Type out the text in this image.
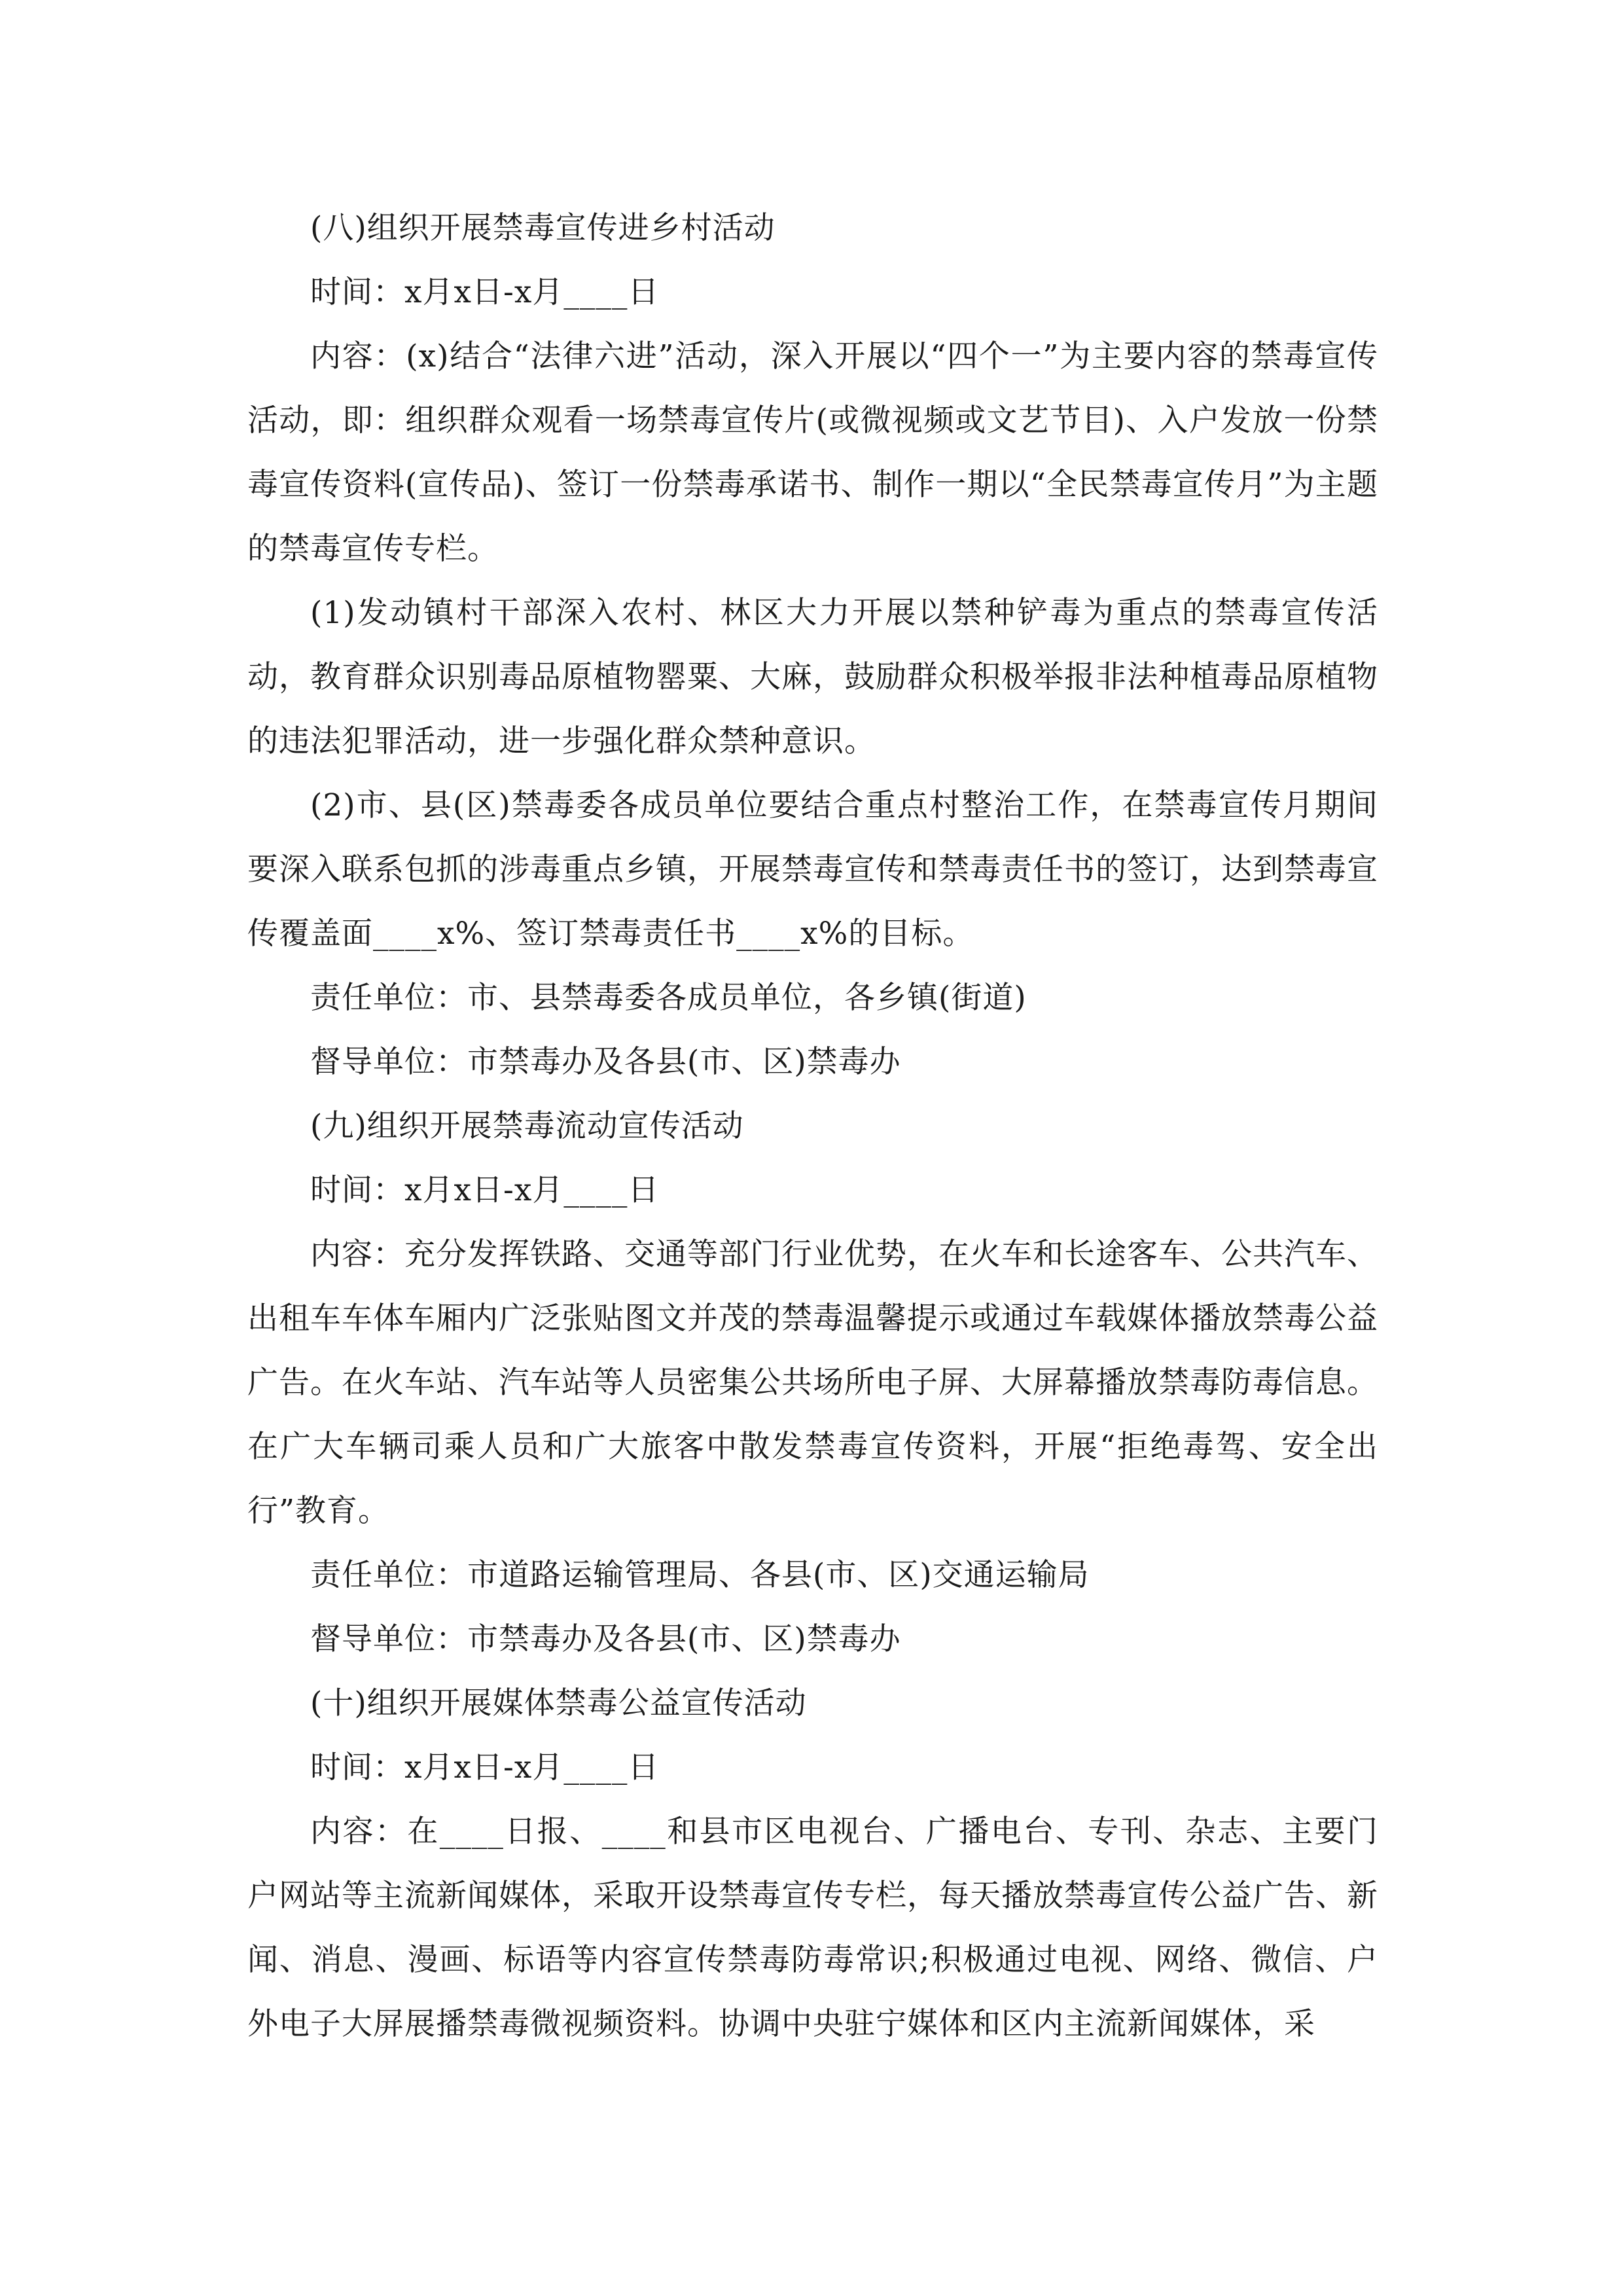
(八)组织开展禁毒宣传进乡村活动

时间：x月x日-x月____日

内容：(x)结合“法律六进”活动，深入开展以“四个一”为主要内容的禁毒宣传活动，即：组织群众观看一场禁毒宣传片(或微视频或文艺节目)、入户发放一份禁毒宣传资料(宣传品)、签订一份禁毒承诺书、制作一期以“全民禁毒宣传月”为主题的禁毒宣传专栏。

(1)发动镇村干部深入农村、林区大力开展以禁种铲毒为重点的禁毒宣传活动，教育群众识别毒品原植物罂粟、大麻，鼓励群众积极举报非法种植毒品原植物的违法犯罪活动，进一步强化群众禁种意识。

(2)市、县(区)禁毒委各成员单位要结合重点村整治工作，在禁毒宣传月期间要深入联系包抓的涉毒重点乡镇，开展禁毒宣传和禁毒责任书的签订，达到禁毒宣传覆盖面____x%、签订禁毒责任书____x%的目标。

责任单位：市、县禁毒委各成员单位，各乡镇(街道)

督导单位：市禁毒办及各县(市、区)禁毒办

(九)组织开展禁毒流动宣传活动

时间：x月x日-x月____日

内容：充分发挥铁路、交通等部门行业优势，在火车和长途客车、公共汽车、出租车车体车厢内广泛张贴图文并茂的禁毒温馨提示或通过车载媒体播放禁毒公益广告。在火车站、汽车站等人员密集公共场所电子屏、大屏幕播放禁毒防毒信息。在广大车辆司乘人员和广大旅客中散发禁毒宣传资料，开展“拒绝毒驾、安全出行”教育。

责任单位：市道路运输管理局、各县(市、区)交通运输局

督导单位：市禁毒办及各县(市、区)禁毒办

(十)组织开展媒体禁毒公益宣传活动

时间：x月x日-x月____日

内容：在____日报、____和县市区电视台、广播电台、专刊、杂志、主要门户网站等主流新闻媒体，采取开设禁毒宣传专栏，每天播放禁毒宣传公益广告、新闻、消息、漫画、标语等内容宣传禁毒防毒常识;积极通过电视、网络、微信、户外电子大屏展播禁毒微视频资料。协调中央驻宁媒体和区内主流新闻媒体，采
